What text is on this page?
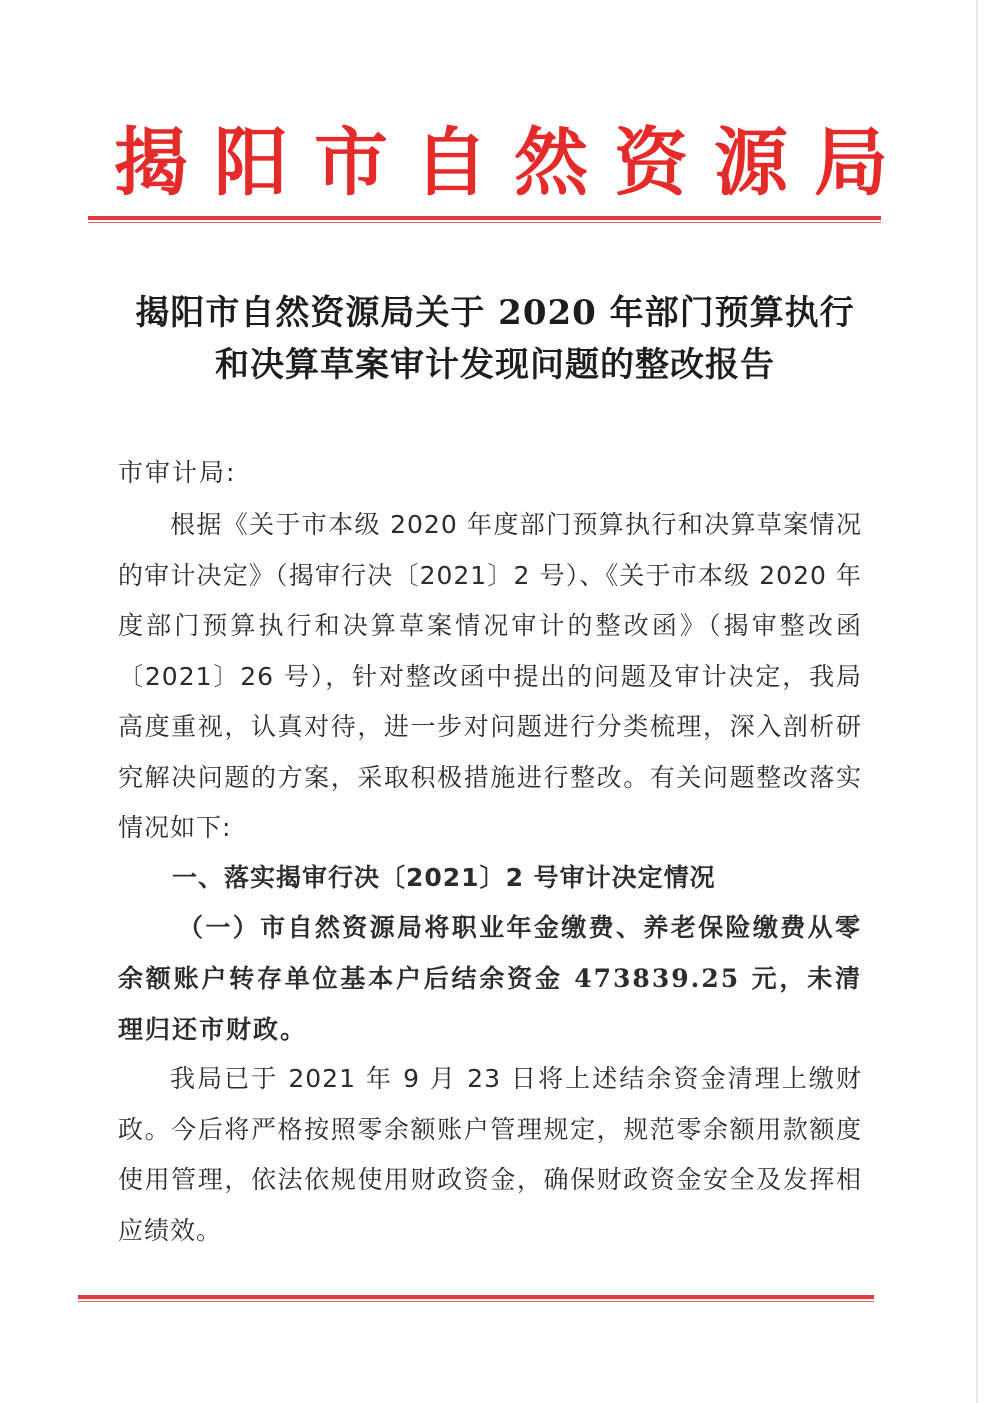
揭阳市自然资源局
揭阳市自然资源局关于 2020 年部门预算执行
和决算草案审计发现问题的整改报告
市审计局:
根据《关于市本级 2020 年度部门预算执行和决算草案情况的审计决定》（揭审行决〔2021〕2 号）、《关于市本级 2020 年度部门预算执行和决算草案情况审计的整改函》（揭审整改函〔2021〕26 号），针对整改函中提出的问题及审计决定，我局高度重视，认真对待，进一步对问题进行分类梳理，深入剖析研究解决问题的方案，采取积极措施进行整改。有关问题整改落实情况如下:
一、落实揭审行决〔2021〕2 号审计决定情况
（一）市自然资源局将职业年金缴费、养老保险缴费从零余额账户转存单位基本户后结余资金 473839.25 元，未清理归还市财政。
我局已于 2021 年 9 月 23 日将上述结余资金清理上缴财政。今后将严格按照零余额账户管理规定，规范零余额用款额度使用管理，依法依规使用财政资金，确保财政资金安全及发挥相应绩效。
